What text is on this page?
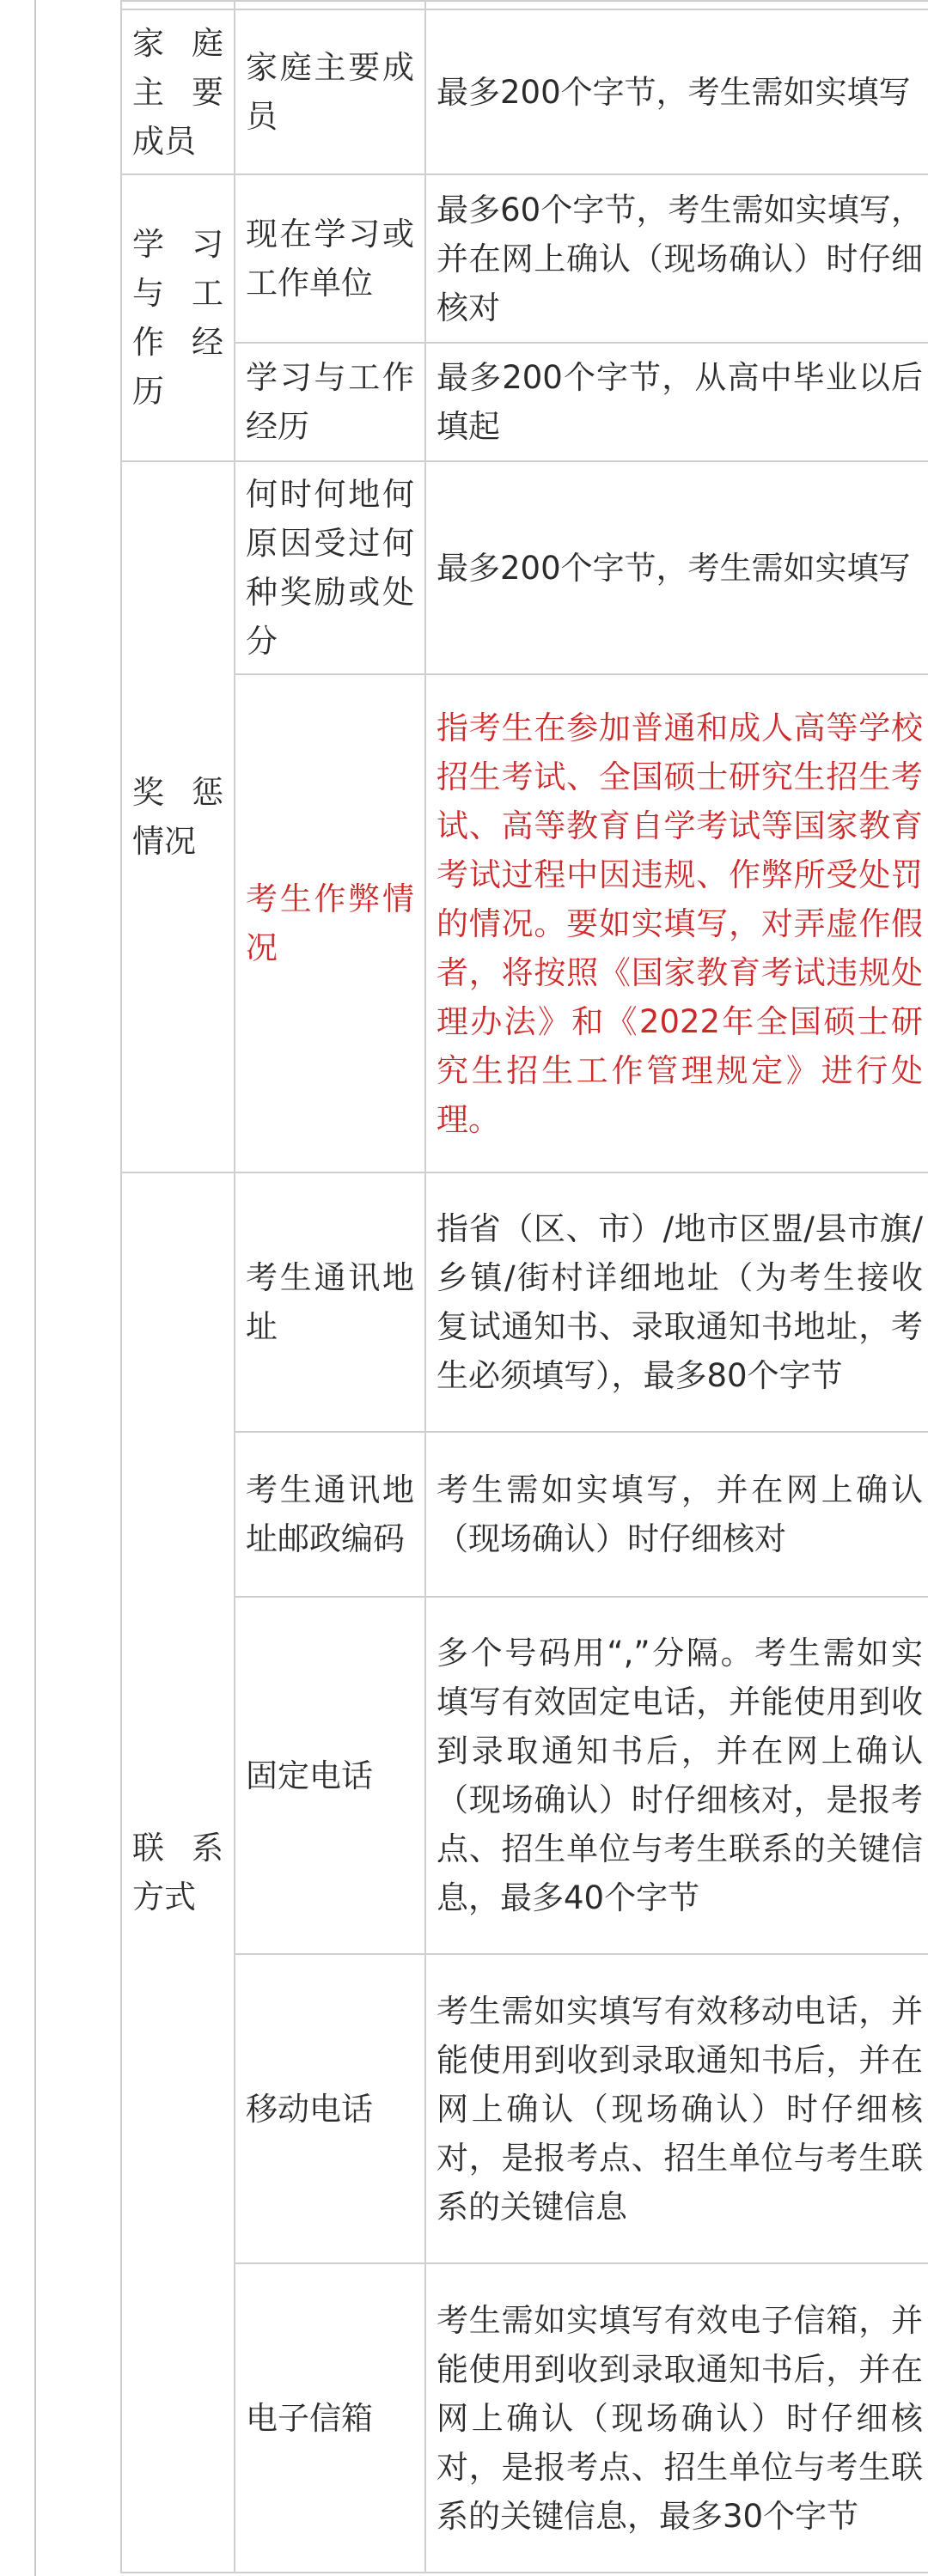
家庭主要成员	家庭主要成员	最多200个字节，考生需如实填写
学习与工作经历	现在学习或工作单位	最多60个字节，考生需如实填写，并在网上确认（现场确认）时仔细核对
	学习与工作经历	最多200个字节，从高中毕业以后填起
奖惩情况	何时何地何原因受过何种奖励或处分	最多200个字节，考生需如实填写
	考生作弊情况	指考生在参加普通和成人高等学校招生考试、全国硕士研究生招生考试、高等教育自学考试等国家教育考试过程中因违规、作弊所受处罚的情况。要如实填写，对弄虚作假者，将按照《国家教育考试违规处理办法》和《2022年全国硕士研究生招生工作管理规定》进行处理。
联系方式	考生通讯地址	指省（区、市）/地市区盟/县市旗/乡镇/街村详细地址（为考生接收复试通知书、录取通知书地址，考生必须填写），最多80个字节
	考生通讯地址邮政编码	考生需如实填写，并在网上确认（现场确认）时仔细核对
	固定电话	多个号码用“,”分隔。考生需如实填写有效固定电话，并能使用到收到录取通知书后，并在网上确认（现场确认）时仔细核对，是报考点、招生单位与考生联系的关键信息，最多40个字节
	移动电话	考生需如实填写有效移动电话，并能使用到收到录取通知书后，并在网上确认（现场确认）时仔细核对，是报考点、招生单位与考生联系的关键信息
	电子信箱	考生需如实填写有效电子信箱，并能使用到收到录取通知书后，并在网上确认（现场确认）时仔细核对，是报考点、招生单位与考生联系的关键信息，最多30个字节
